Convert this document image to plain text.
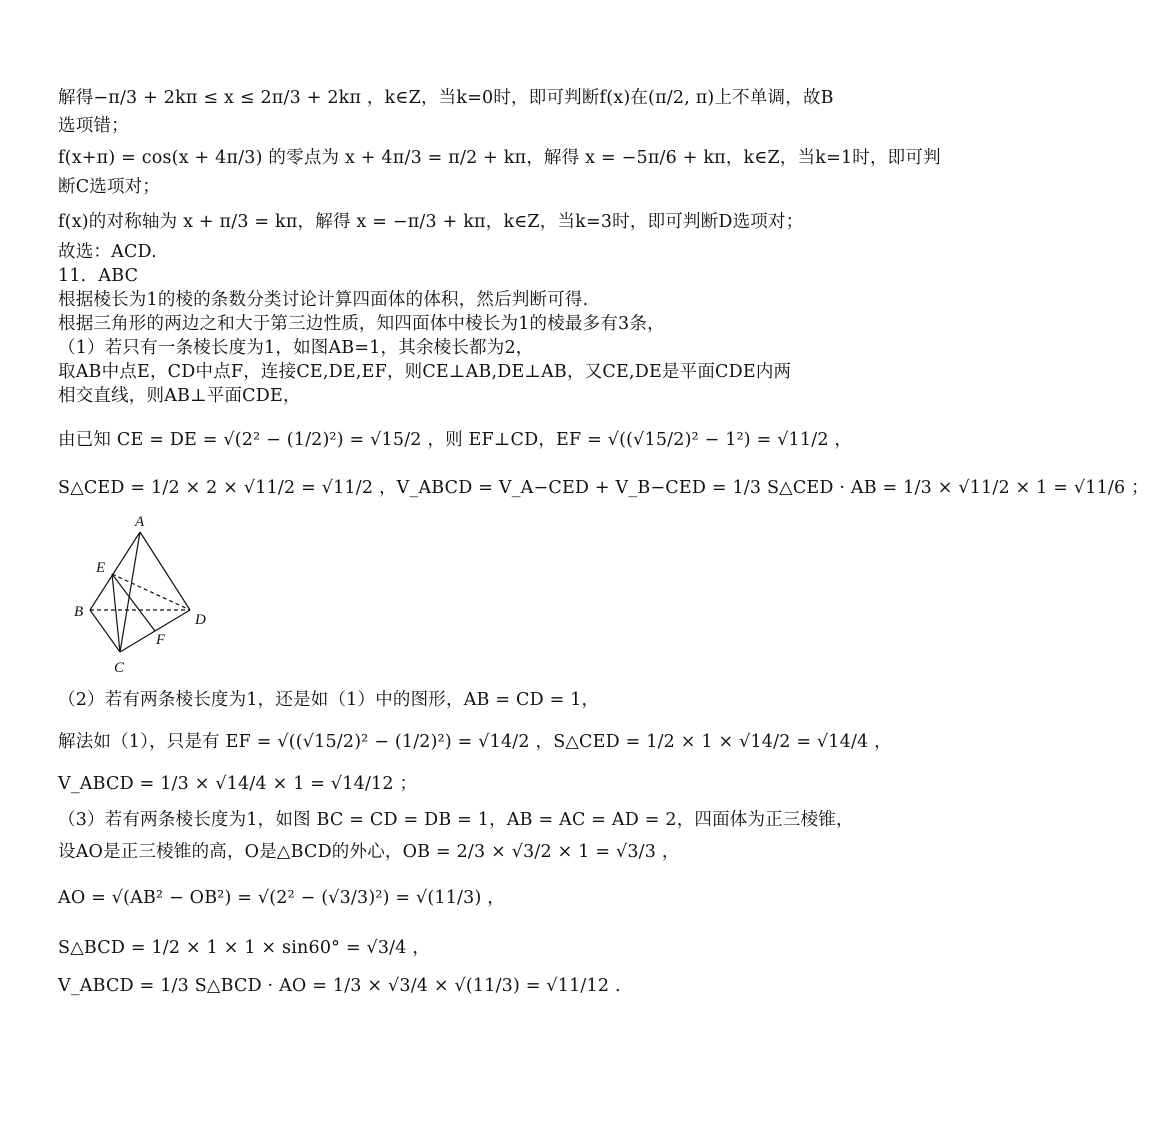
解得−π/3 + 2kπ ≤ x ≤ 2π/3 + 2kπ ，k∈Z，当k=0时，即可判断f(x)在(π/2, π)上不单调，故B
选项错；
f(x+π) = cos(x + 4π/3) 的零点为 x + 4π/3 = π/2 + kπ，解得 x = −5π/6 + kπ，k∈Z，当k=1时，即可判
断C选项对；
f(x)的对称轴为 x + π/3 = kπ，解得 x = −π/3 + kπ，k∈Z，当k=3时，即可判断D选项对；
故选：ACD.
11．ABC
根据棱长为1的棱的条数分类讨论计算四面体的体积，然后判断可得.
根据三角形的两边之和大于第三边性质，知四面体中棱长为1的棱最多有3条，
（1）若只有一条棱长度为1，如图AB=1，其余棱长都为2，
取AB中点E，CD中点F，连接CE,DE,EF，则CE⊥AB,DE⊥AB，又CE,DE是平面CDE内两
相交直线，则AB⊥平面CDE，
由已知 CE = DE = √(2² − (1/2)²) = √15/2 ，则 EF⊥CD，EF = √((√15/2)² − 1²) = √11/2 ，
S△CED = 1/2 × 2 × √11/2 = √11/2 ，V_ABCD = V_A−CED + V_B−CED = 1/3 S△CED · AB = 1/3 × √11/2 × 1 = √11/6 ；
A
E
B	D
F
C
（2）若有两条棱长度为1，还是如（1）中的图形，AB = CD = 1，
解法如（1），只是有 EF = √((√15/2)² − (1/2)²) = √14/2 ，S△CED = 1/2 × 1 × √14/2 = √14/4 ，
V_ABCD = 1/3 × √14/4 × 1 = √14/12 ；
（3）若有两条棱长度为1，如图 BC = CD = DB = 1，AB = AC = AD = 2，四面体为正三棱锥，
设AO是正三棱锥的高，O是△BCD的外心，OB = 2/3 × √3/2 × 1 = √3/3 ，
AO = √(AB² − OB²) = √(2² − (√3/3)²) = √(11/3) ，
S△BCD = 1/2 × 1 × 1 × sin60° = √3/4 ，
V_ABCD = 1/3 S△BCD · AO = 1/3 × √3/4 × √(11/3) = √11/12 .
